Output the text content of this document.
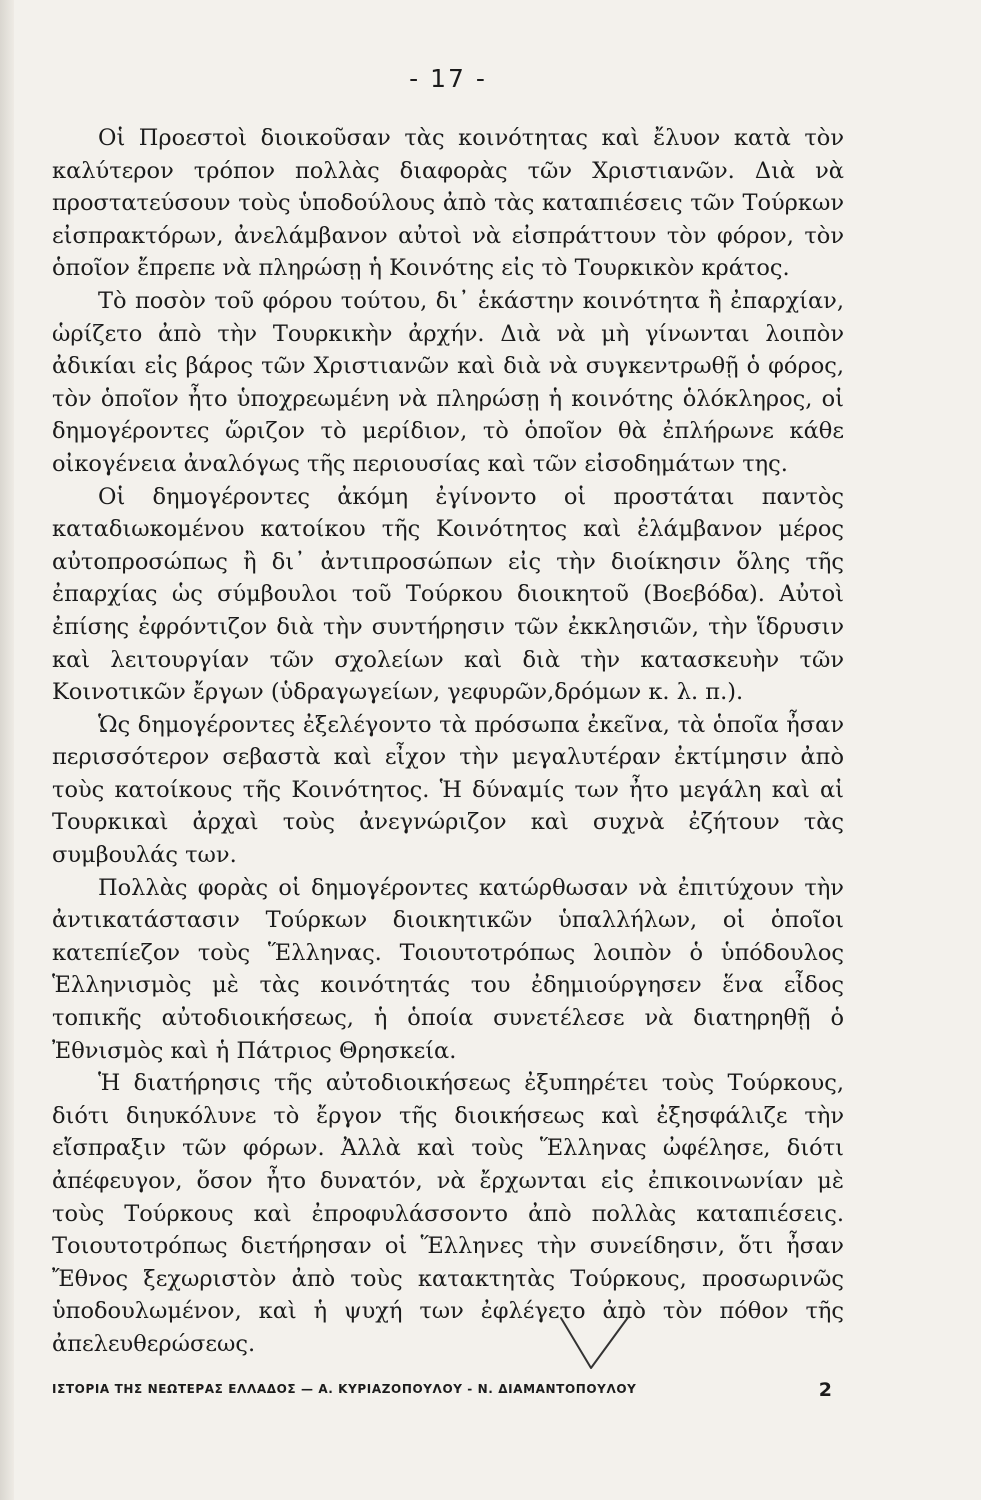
- 17 -

Οἱ Προεστοὶ διοικοῦσαν τὰς κοινότητας καὶ ἔλυον κατὰ τὸν καλύτερον τρόπον πολλὰς διαφορὰς τῶν Χριστιανῶν. Διὰ νὰ προστατεύσουν τοὺς ὑποδούλους ἀπὸ τὰς καταπιέσεις τῶν Τούρκων εἰσπρακτόρων, ἀνελάμβανον αὐτοὶ νὰ εἰσπράττουν τὸν φόρον, τὸν ὁποῖον ἔπρεπε νὰ πληρώσῃ ἡ Κοινότης εἰς τὸ Τουρκικὸν κράτος.

Τὸ ποσὸν τοῦ φόρου τούτου, δι᾽ ἑκάστην κοινότητα ἢ ἐπαρχίαν, ὡρίζετο ἀπὸ τὴν Τουρκικὴν ἀρχήν. Διὰ νὰ μὴ γίνωνται λοιπὸν ἀδικίαι εἰς βάρος τῶν Χριστιανῶν καὶ διὰ νὰ συγκεντρωθῇ ὁ φόρος, τὸν ὁποῖον ἦτο ὑποχρεωμένη νὰ πληρώσῃ ἡ κοινότης ὁλόκληρος, οἱ δημογέροντες ὥριζον τὸ μερίδιον, τὸ ὁποῖον θὰ ἐπλήρωνε κάθε οἰκογένεια ἀναλόγως τῆς περιουσίας καὶ τῶν εἰσοδημάτων της.

Οἱ δημογέροντες ἀκόμη ἐγίνοντο οἱ προστάται παντὸς καταδιωκομένου κατοίκου τῆς Κοινότητος καὶ ἐλάμβανον μέρος αὐτοπροσώπως ἢ δι᾽ ἀντιπροσώπων εἰς τὴν διοίκησιν ὅλης τῆς ἐπαρχίας ὡς σύμβουλοι τοῦ Τούρκου διοικητοῦ (Βοεβόδα). Αὐτοὶ ἐπίσης ἐφρόντιζον διὰ τὴν συντήρησιν τῶν ἐκκλησιῶν, τὴν ἵδρυσιν καὶ λειτουργίαν τῶν σχολείων καὶ διὰ τὴν κατασκευὴν τῶν Κοινοτικῶν ἔργων (ὑδραγωγείων, γεφυρῶν,δρόμων κ. λ. π.).

Ὡς δημογέροντες ἐξελέγοντο τὰ πρόσωπα ἐκεῖνα, τὰ ὁποῖα ἦσαν περισσότερον σεβαστὰ καὶ εἶχον τὴν μεγαλυτέραν ἐκτίμησιν ἀπὸ τοὺς κατοίκους τῆς Κοινότητος. Ἡ δύναμίς των ἦτο μεγάλη καὶ αἱ Τουρκικαὶ ἀρχαὶ τοὺς ἀνεγνώριζον καὶ συχνὰ ἐζήτουν τὰς συμβουλάς των.

Πολλὰς φορὰς οἱ δημογέροντες κατώρθωσαν νὰ ἐπιτύχουν τὴν ἀντικατάστασιν Τούρκων διοικητικῶν ὑπαλλήλων, οἱ ὁποῖοι κατεπίεζον τοὺς Ἕλληνας. Τοιουτοτρόπως λοιπὸν ὁ ὑπόδουλος Ἑλληνισμὸς μὲ τὰς κοινότητάς του ἐδημιούργησεν ἕνα εἶδος τοπικῆς αὐτοδιοικήσεως, ἡ ὁποία συνετέλεσε νὰ διατηρηθῇ ὁ Ἐθνισμὸς καὶ ἡ Πάτριος Θρησκεία.

Ἡ διατήρησις τῆς αὐτοδιοικήσεως ἐξυπηρέτει τοὺς Τούρκους, διότι διηυκόλυνε τὸ ἔργον τῆς διοικήσεως καὶ ἐξησφάλιζε τὴν εἴσπραξιν τῶν φόρων. Ἀλλὰ καὶ τοὺς Ἕλληνας ὠφέλησε, διότι ἀπέφευγον, ὅσον ἦτο δυνατόν, νὰ ἔρχωνται εἰς ἐπικοινωνίαν μὲ τοὺς Τούρκους καὶ ἐπροφυλάσσοντο ἀπὸ πολλὰς καταπιέσεις. Τοιουτοτρόπως διετήρησαν οἱ Ἕλληνες τὴν συνείδησιν, ὅτι ἦσαν Ἔθνος ξεχωριστὸν ἀπὸ τοὺς κατακτητὰς Τούρκους, προσωρινῶς ὑποδουλωμένον, καὶ ἡ ψυχή των ἐφλέγετο ἀπὸ τὸν πόθον τῆς ἀπελευθερώσεως.

ΙΣΤΟΡΙΑ ΤΗΣ ΝΕΩΤΕΡΑΣ ΕΛΛΑΔΟΣ — Α. ΚΥΡΙΑΖΟΠΟΥΛΟΥ - Ν. ΔΙΑΜΑΝΤΟΠΟΥΛΟΥ	2
